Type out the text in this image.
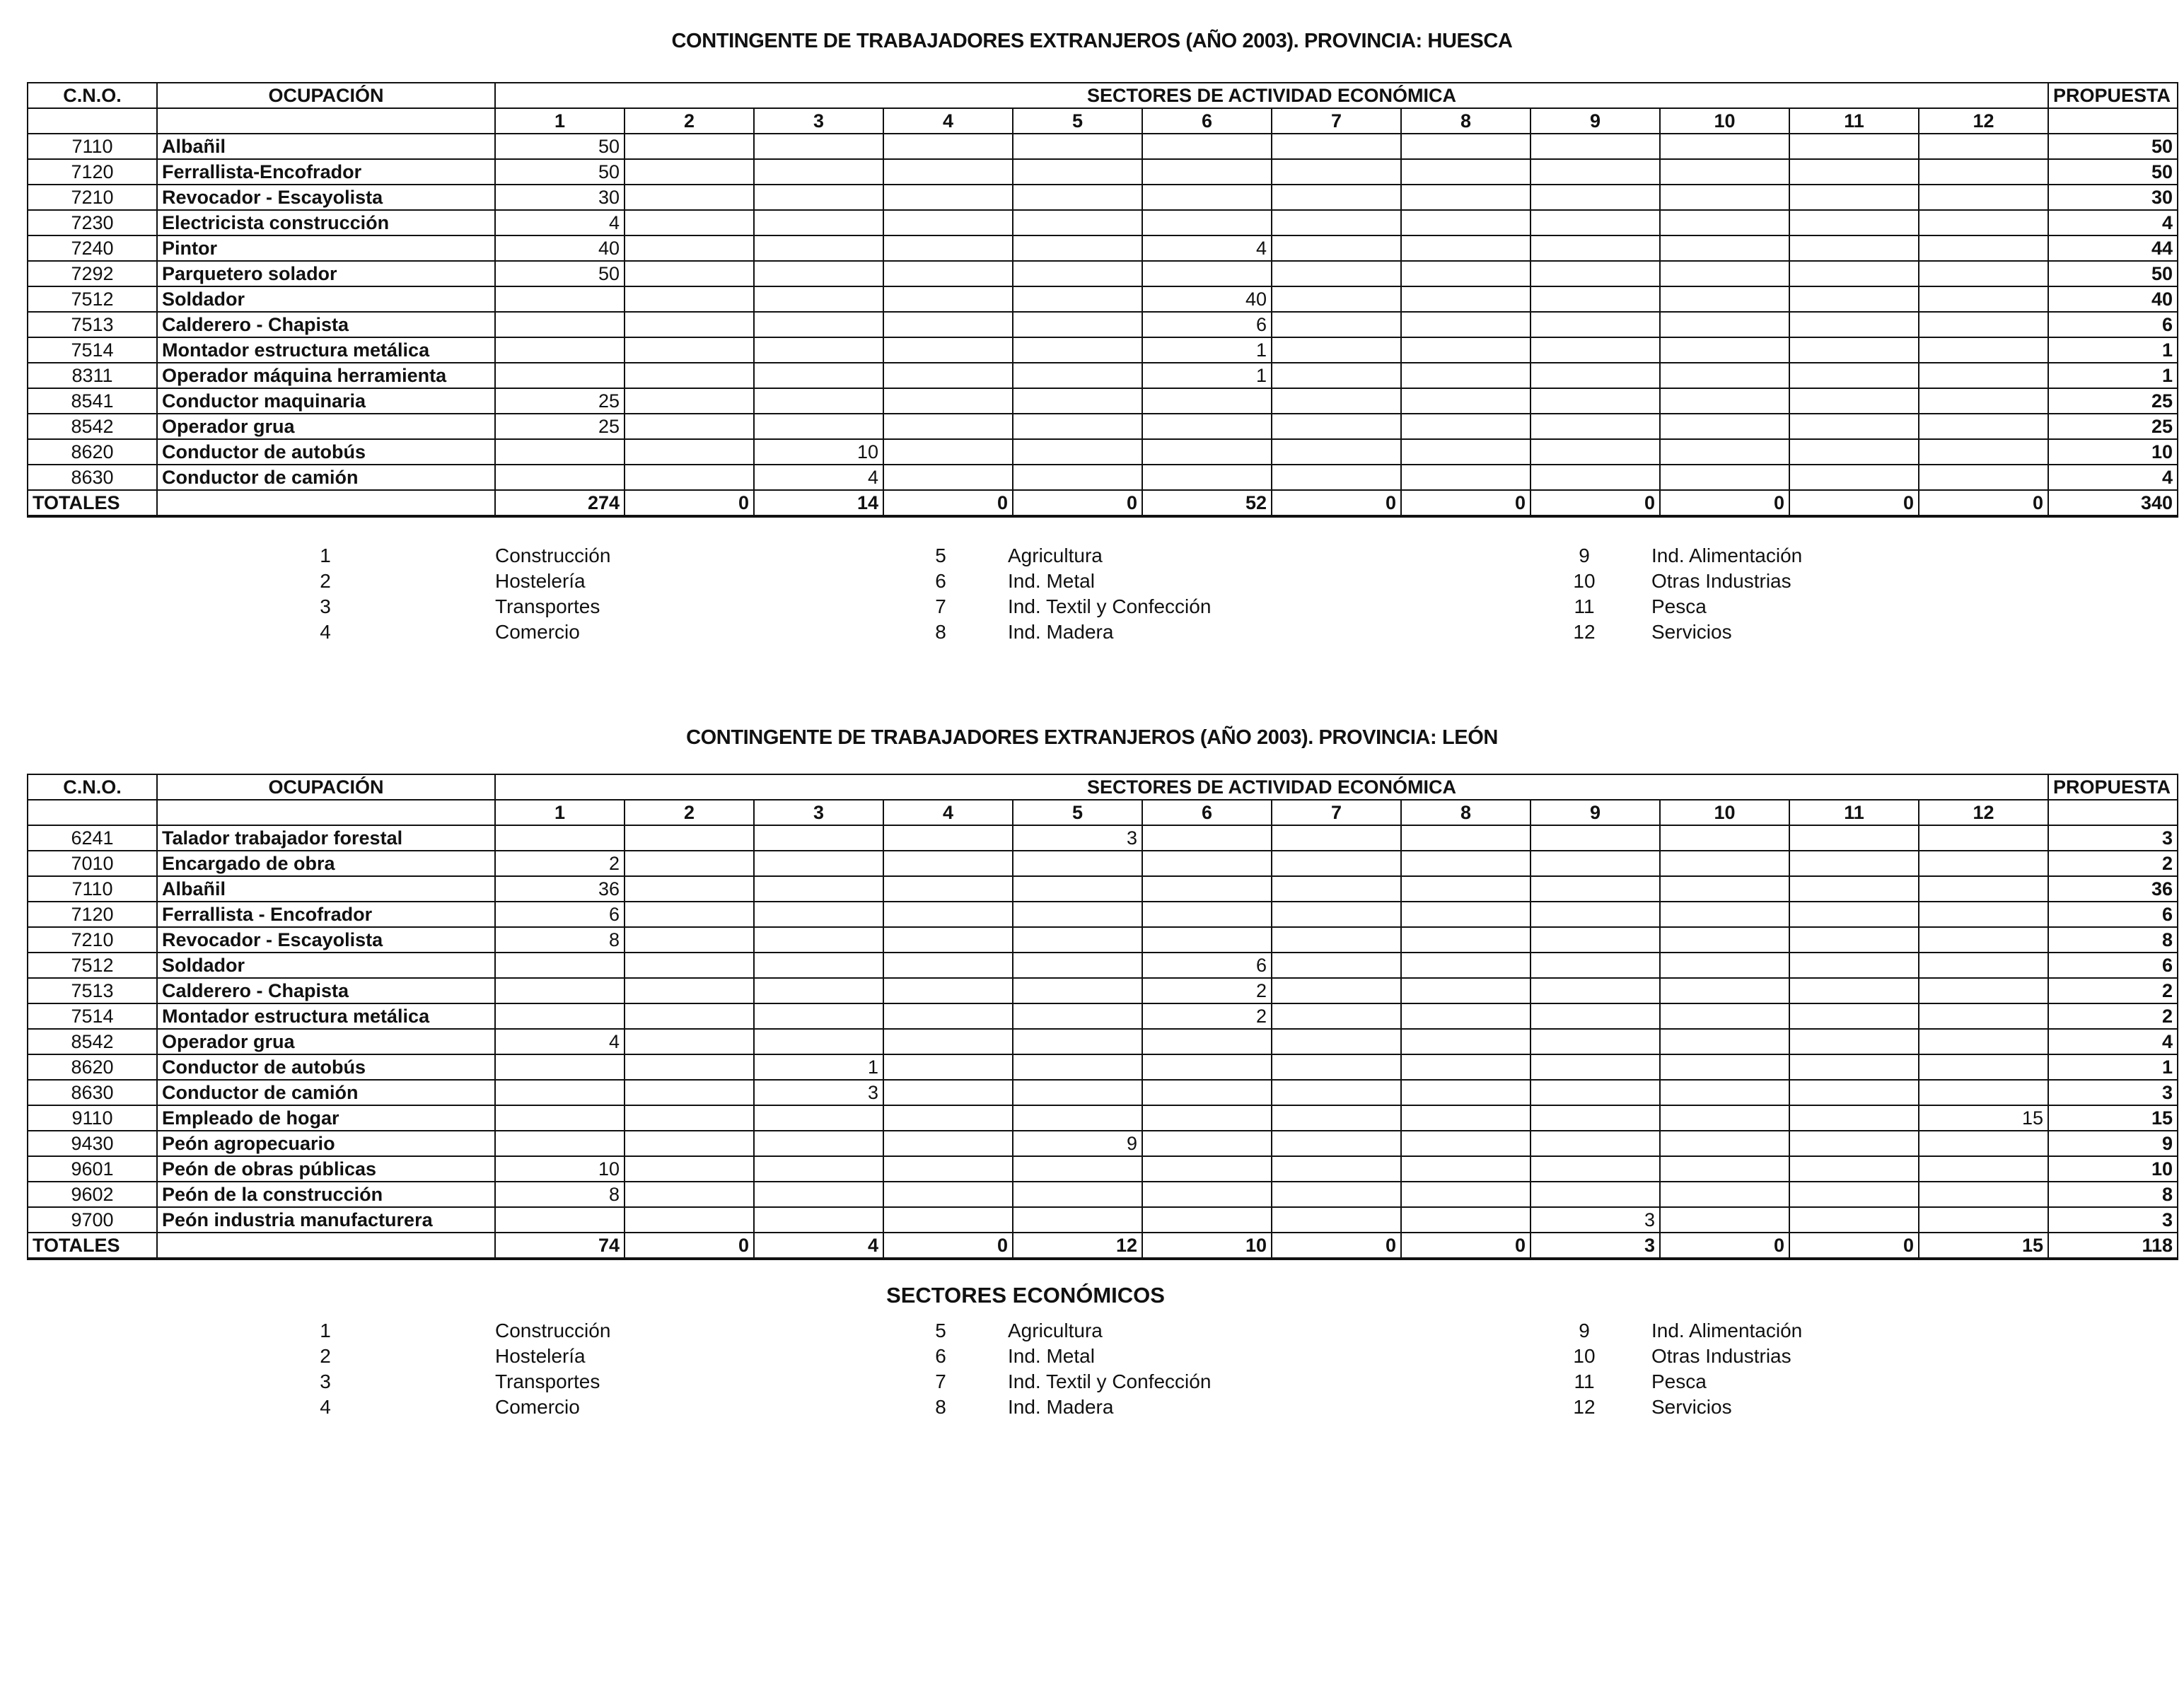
CONTINGENTE DE TRABAJADORES EXTRANJEROS (AÑO 2003). PROVINCIA: HUESCA
C.N.O.	OCUPACIÓN	SECTORES DE ACTIVIDAD ECONÓMICA												PROPUESTA
		1	2	3	4	5	6	7	8	9	10	11	12	
7110	Albañil	50												50
7120	Ferrallista-Encofrador	50												50
7210	Revocador - Escayolista	30												30
7230	Electricista construcción	4												4
7240	Pintor	40					4							44
7292	Parquetero solador	50												50
7512	Soldador						40							40
7513	Calderero - Chapista						6							6
7514	Montador estructura metálica						1							1
8311	Operador máquina herramienta						1							1
8541	Conductor maquinaria	25												25
8542	Operador grua	25												25
8620	Conductor de autobús			10										10
8630	Conductor de camión			4										4
TOTALES		274	0	14	0	0	52	0	0	0	0	0	0	340
1	Construcción
2	Hostelería
3	Transportes
4	Comercio
5	Agricultura
6	Ind. Metal
7	Ind. Textil y Confección
8	Ind. Madera
9	Ind. Alimentación
10	Otras Industrias
11	Pesca
12	Servicios
CONTINGENTE DE TRABAJADORES EXTRANJEROS (AÑO 2003). PROVINCIA: LEÓN
C.N.O.	OCUPACIÓN	SECTORES DE ACTIVIDAD ECONÓMICA												PROPUESTA
		1	2	3	4	5	6	7	8	9	10	11	12	
6241	Talador trabajador forestal					3								3
7010	Encargado de obra	2												2
7110	Albañil	36												36
7120	Ferrallista - Encofrador	6												6
7210	Revocador - Escayolista	8												8
7512	Soldador						6							6
7513	Calderero - Chapista						2							2
7514	Montador estructura metálica						2							2
8542	Operador grua	4												4
8620	Conductor de autobús			1										1
8630	Conductor de camión			3										3
9110	Empleado de hogar												15	15
9430	Peón agropecuario					9								9
9601	Peón de obras públicas	10												10
9602	Peón de la construcción	8												8
9700	Peón industria manufacturera									3				3
TOTALES		74	0	4	0	12	10	0	0	3	0	0	15	118
SECTORES ECONÓMICOS
1	Construcción
2	Hostelería
3	Transportes
4	Comercio
5	Agricultura
6	Ind. Metal
7	Ind. Textil y Confección
8	Ind. Madera
9	Ind. Alimentación
10	Otras Industrias
11	Pesca
12	Servicios
